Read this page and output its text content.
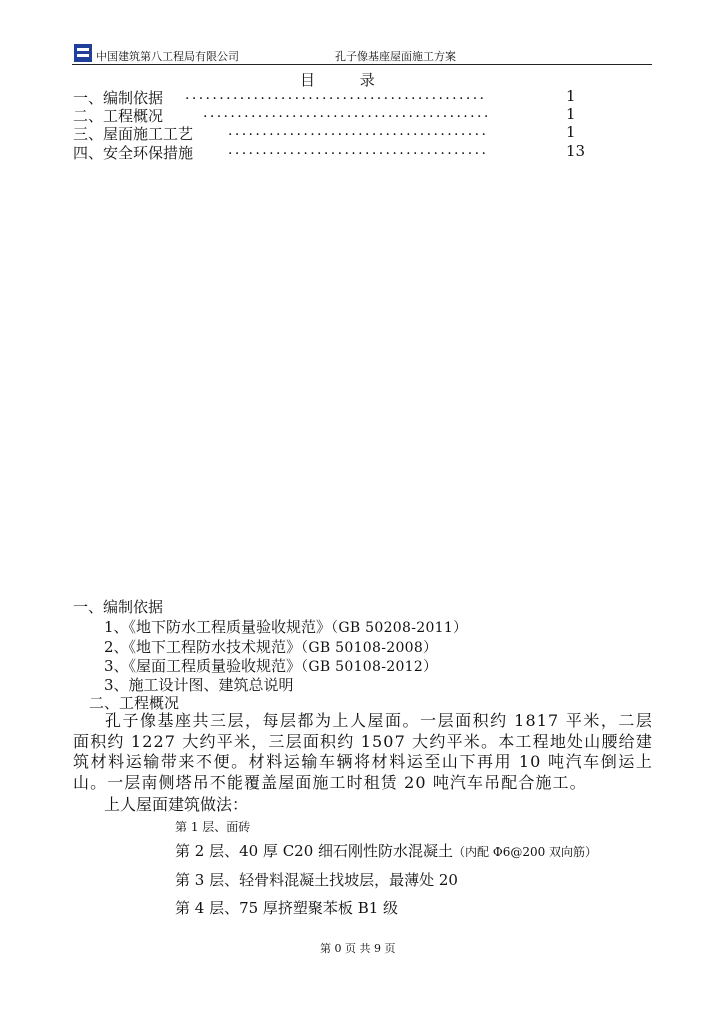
中国建筑第八工程局有限公司	孔子像基座屋面施工方案
目 录
一、编制依据 ............................................	1
二、工程概况	..........................................	1
三、屋面施工工艺 ......................................	1
四、安全环保措施 ......................................	13
一、编制依据
1、《地下防水工程质量验收规范》（GB 50208-2011）
2、《地下工程防水技术规范》（GB 50108-2008）
3、《屋面工程质量验收规范》（GB 50108-2012）
3、施工设计图、建筑总说明
二、工程概况
孔子像基座共三层，每层都为上人屋面。一层面积约 1817 平米，二层面积约 1227 大约平米，三层面积约 1507 大约平米。本工程地处山腰给建筑材料运输带来不便。材料运输车辆将材料运至山下再用 10 吨汽车倒运上山。一层南侧塔吊不能覆盖屋面施工时租赁 20 吨汽车吊配合施工。
上人屋面建筑做法：
第 1 层、面砖
第 2 层、40 厚 C20 细石刚性防水混凝土（内配 Φ6@200 双向筋）
第 3 层、轻骨料混凝土找坡层，最薄处 20
第 4 层、75 厚挤塑聚苯板 B1 级
第 0 页 共 9 页
